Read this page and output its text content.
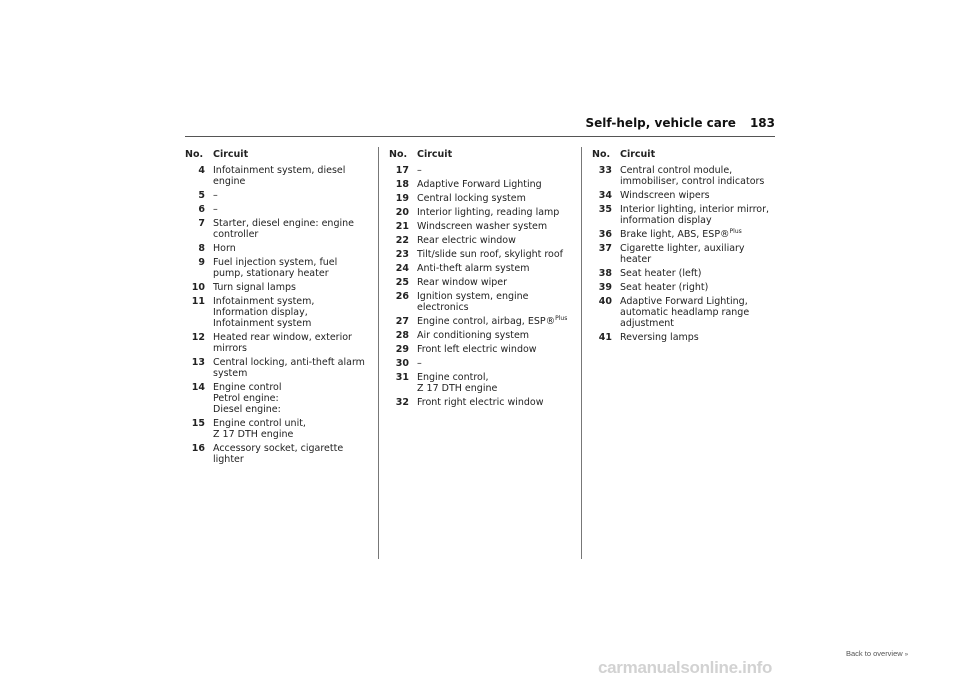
Self-help, vehicle care 183
No.	Circuit
4 Infotainment system, diesel engine
5 –
6 –
7 Starter, diesel engine: engine controller
8 Horn
9 Fuel injection system, fuel pump, stationary heater
10 Turn signal lamps
11 Infotainment system, Information display, Infotainment system
12 Heated rear window, exterior mirrors
13 Central locking, anti-theft alarm system
14 Engine control
Petrol engine:
Diesel engine:
15 Engine control unit,
Z 17 DTH engine
16 Accessory socket, cigarette lighter
No.	Circuit
17 –
18 Adaptive Forward Lighting
19 Central locking system
20 Interior lighting, reading lamp
21 Windscreen washer system
22 Rear electric window
23 Tilt/slide sun roof, skylight roof
24 Anti-theft alarm system
25 Rear window wiper
26 Ignition system, engine electronics
27 Engine control, airbag, ESP®$^{Plus}$
28 Air conditioning system
29 Front left electric window
30 –
31 Engine control,
Z 17 DTH engine
32 Front right electric window
No.	Circuit
33 Central control module, immobiliser, control indicators
34 Windscreen wipers
35 Interior lighting, interior mirror, information display
36 Brake light, ABS, ESP®$^{Plus}$
37 Cigarette lighter, auxiliary heater
38 Seat heater (left)
39 Seat heater (right)
40 Adaptive Forward Lighting, automatic headlamp range adjustment
41 Reversing lamps
Back to overview »
carmanualsonline.info
